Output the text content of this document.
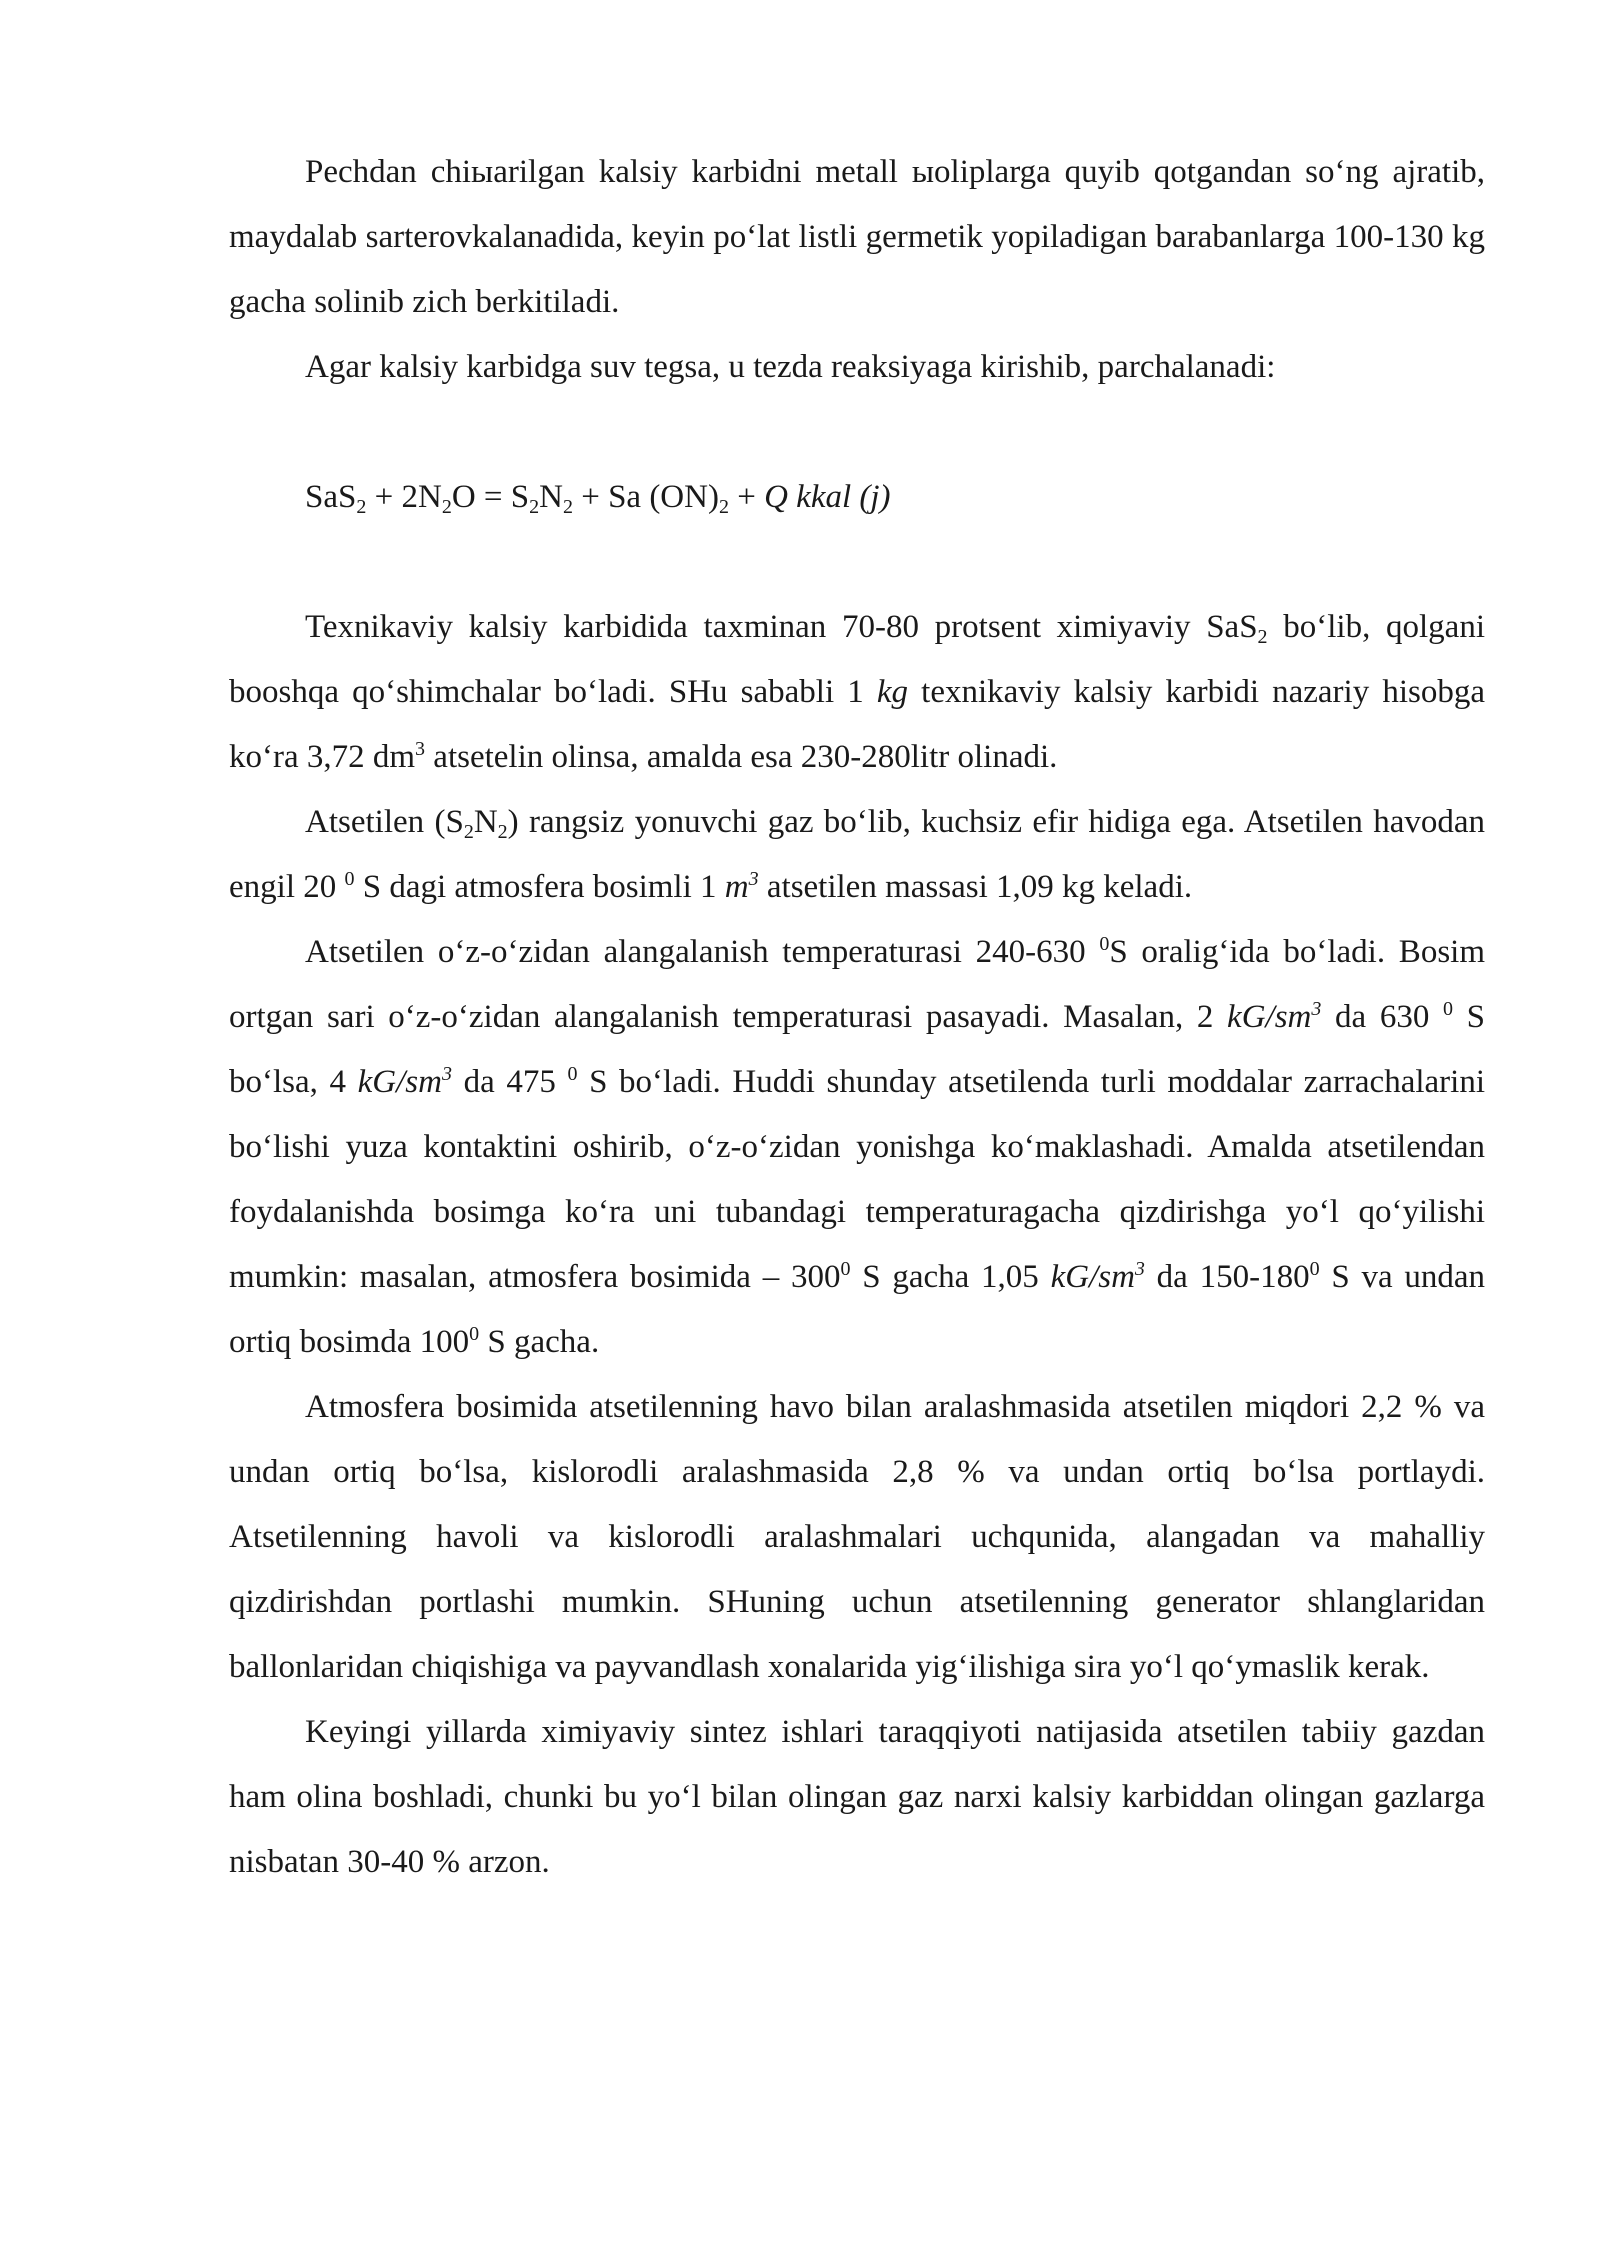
Pechdan chiыarilgan kalsiy karbidni metall ыoliplarga quyib qotgandan so‘ng ajratib, maydalab sarterovkalanadida, keyin po‘lat listli germetik yopiladigan barabanlarga 100-130 kg gacha solinib zich berkitiladi.

Agar kalsiy karbidga suv tegsa, u tezda reaksiyaga kirishib, parchalanadi:

$SaS_2 + 2N_2O = S_2N_2 + Sa$ $(ON)_2 + Q$ kkal (j)

Texnikaviy kalsiy karbidida taxminan 70-80 protsent ximiyaviy SaS$_2$ bo‘lib, qolgani booshqa qo‘shimchalar bo‘ladi. SHu sababli 1 kg texnikaviy kalsiy karbidi nazariy hisobga ko‘ra 3,72 $dm^3$ atsetelin olinsa, amalda esa 230-280litr olinadi.

Atsetilen $(S_2N_2)$ rangsiz yonuvchi gaz bo‘lib, kuchsiz efir hidiga ega. Atsetilen havodan engil 20 $^0$ S dagi atmosfera bosimli 1 $m^3$ atsetilen massasi 1,09 kg keladi.

Atsetilen o‘z-o‘zidan alangalanish temperaturasi 240-630 $^0$S oralig‘ida bo‘ladi. Bosim ortgan sari o‘z-o‘zidan alangalanish temperaturasi pasayadi. Masalan, 2 $kG/sm^3$ da 630 $^0$ S bo‘lsa, 4 $kG/sm^3$ da 475 $^0$ S bo‘ladi. Huddi shunday atsetilenda turli moddalar zarrachalarini bo‘lishi yuza kontaktini oshirib, o‘z-o‘zidan yonishga ko‘maklashadi. Amalda atsetilendan foydalanishda bosimga ko‘ra uni tubandagi temperaturagacha qizdirishga yo‘l qo‘yilishi mumkin: masalan, atmosfera bosimida – $300^0$ S gacha 1,05 $kG/sm^3$ da $150-180^0$ S va undan ortiq bosimda $100^0$ S gacha.

Atmosfera bosimida atsetilenning havo bilan aralashmasida atsetilen miqdori 2,2 % va undan ortiq bo‘lsa, kislorodli aralashmasida 2,8 % va undan ortiq bo‘lsa portlaydi. Atsetilenning havoli va kislorodli aralashmalari uchqunida, alangadan va mahalliy qizdirishdan portlashi mumkin. SHuning uchun atsetilenning generator shlanglaridan ballonlaridan chiqishiga va payvandlash xonalarida yig‘ilishiga sira yo‘l qo‘ymaslik kerak.

Keyingi yillarda ximiyaviy sintez ishlari taraqqiyoti natijasida atsetilen tabiiy gazdan ham olina boshladi, chunki bu yo‘l bilan olingan gaz narxi kalsiy karbiddan olingan gazlarga nisbatan 30-40 % arzon.
